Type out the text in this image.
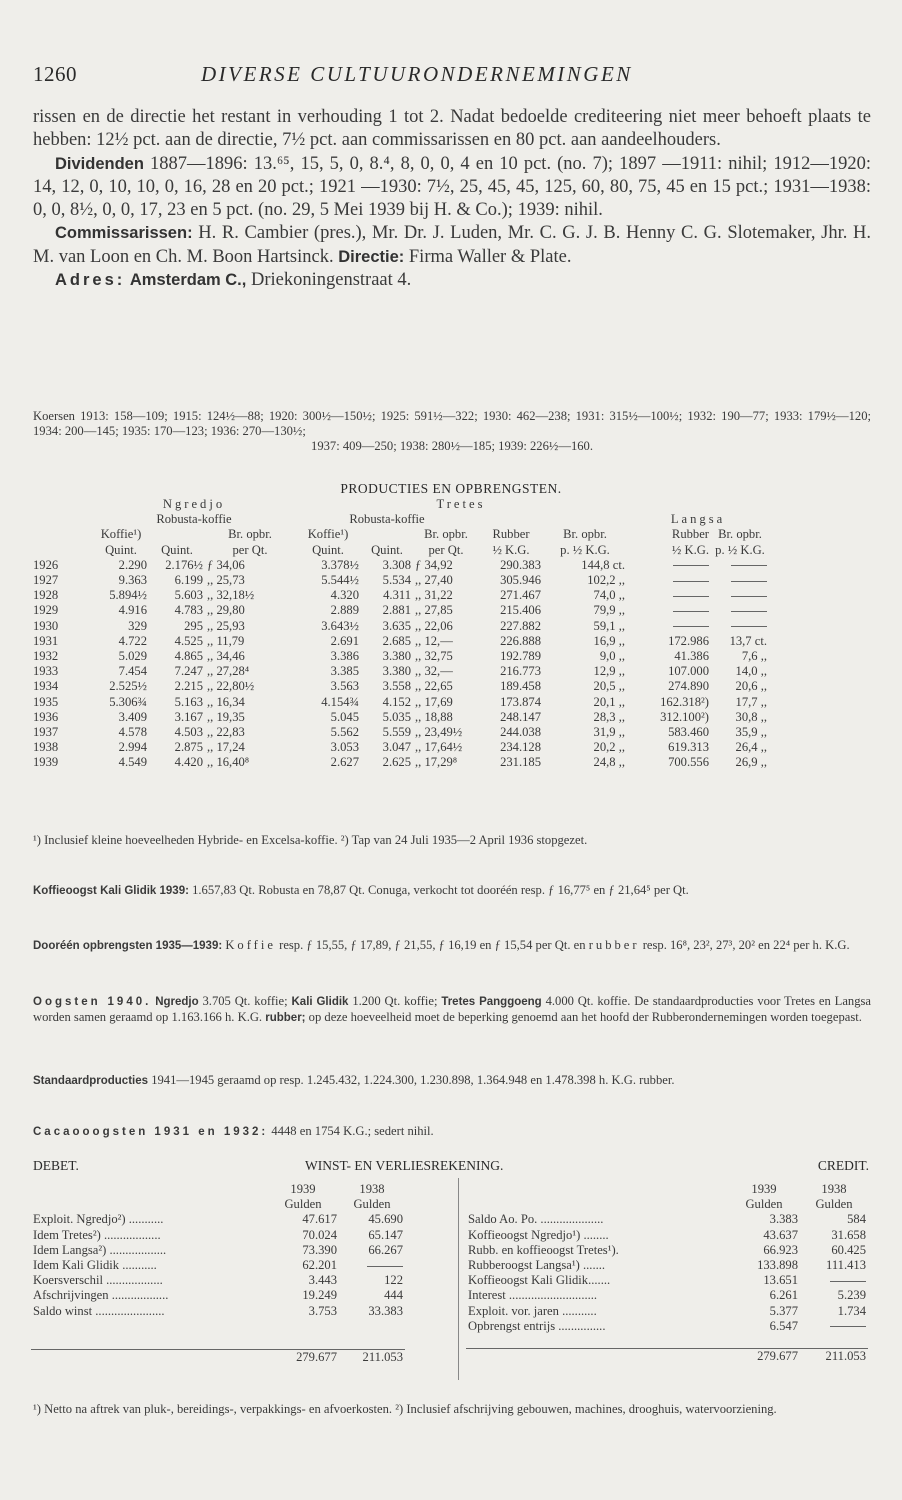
1260	DIVERSE CULTUURONDERNEMINGEN

rissen en de directie het restant in verhouding 1 tot 2. Nadat bedoelde crediteering niet meer behoeft plaats te hebben: 12½ pct. aan de directie, 7½ pct. aan commissarissen en 80 pct. aan aandeelhouders.

Dividenden 1887—1896: 13.⁶⁵, 15, 5, 0, 8.⁴, 8, 0, 0, 4 en 10 pct. (no. 7); 1897 —1911: nihil; 1912—1920: 14, 12, 0, 10, 10, 0, 16, 28 en 20 pct.; 1921 —1930: 7½, 25, 45, 45, 125, 60, 80, 75, 45 en 15 pct.; 1931—1938: 0, 0, 8½, 0, 0, 17, 23 en 5 pct. (no. 29, 5 Mei 1939 bij H. & Co.); 1939: nihil.

Commissarissen: H. R. Cambier (pres.), Mr. Dr. J. Luden, Mr. C. G. J. B. Henny C. G. Slotemaker, Jhr. H. M. van Loon en Ch. M. Boon Hartsinck. Directie: Firma Waller & Plate.

Adres: Amsterdam C., Driekoningenstraat 4.

Koersen 1913: 158—109; 1915: 124½—88; 1920: 300½—150½; 1925: 591½—322; 1930: 462—238; 1931: 315½—100½; 1932: 190—77; 1933: 179½—120; 1934: 200—145; 1935: 170—123; 1936: 270—130½;

1937: 409—250; 1938: 280½—185; 1939: 226½—160.

PRODUCTIES EN OPBRENGSTEN.
	Ngredjo			Tretes						
	Robusta-koffie			Robusta-koffie					Langsa	
	Koffie¹)		Br. opbr.	Koffie¹)		Br. opbr.	Rubber	Br. opbr.	Rubber	Br. opbr.
	Quint.	Quint.	per Qt.	Quint.	Quint.	per Qt.	½ K.G.	p. ½ K.G.	½ K.G.	p. ½ K.G.
1926	2.290	2.176½	ƒ 34,06	3.378½	3.308	ƒ 34,92	290.383	144,8 ct.		
1927	9.363	6.199	,, 25,73	5.544½	5.534	,, 27,40	305.946	102,2 ,,		
1928	5.894½	5.603	,, 32,18½	4.320	4.311	,, 31,22	271.467	74,0 ,,		
1929	4.916	4.783	,, 29,80	2.889	2.881	,, 27,85	215.406	79,9 ,,		
1930	329	295	,, 25,93	3.643½	3.635	,, 22,06	227.882	59,1 ,,		
1931	4.722	4.525	,, 11,79	2.691	2.685	,, 12,—	226.888	16,9 ,,	172.986	13,7 ct.
1932	5.029	4.865	,, 34,46	3.386	3.380	,, 32,75	192.789	9,0 ,,	41.386	7,6 ,,
1933	7.454	7.247	,, 27,28⁴	3.385	3.380	,, 32,—	216.773	12,9 ,,	107.000	14,0 ,,
1934	2.525½	2.215	,, 22,80½	3.563	3.558	,, 22,65	189.458	20,5 ,,	274.890	20,6 ,,
1935	5.306¾	5.163	,, 16,34	4.154¾	4.152	,, 17,69	173.874	20,1 ,,	162.318²)	17,7 ,,
1936	3.409	3.167	,, 19,35	5.045	5.035	,, 18,88	248.147	28,3 ,,	312.100²)	30,8 ,,
1937	4.578	4.503	,, 22,83	5.562	5.559	,, 23,49½	244.038	31,9 ,,	583.460	35,9 ,,
1938	2.994	2.875	,, 17,24	3.053	3.047	,, 17,64½	234.128	20,2 ,,	619.313	26,4 ,,
1939	4.549	4.420	,, 16,40⁸	2.627	2.625	,, 17,29⁸	231.185	24,8 ,,	700.556	26,9 ,,

¹) Inclusief kleine hoeveelheden Hybride- en Excelsa-koffie. ²) Tap van 24 Juli 1935—2 April 1936 stopgezet.

Koffieoogst Kali Glidik 1939: 1.657,83 Qt. Robusta en 78,87 Qt. Conuga, verkocht tot dooréén resp. ƒ 16,77⁵ en ƒ 21,64⁵ per Qt.

Dooréén opbrengsten 1935—1939: Koffie resp. ƒ 15,55, ƒ 17,89, ƒ 21,55, ƒ 16,19 en ƒ 15,54 per Qt. en rubber resp. 16⁸, 23², 27³, 20² en 22⁴ per h. K.G.

Oogsten 1940. Ngredjo 3.705 Qt. koffie; Kali Glidik 1.200 Qt. koffie; Tretes Panggoeng 4.000 Qt. koffie. De standaardproducties voor Tretes en Langsa worden samen geraamd op 1.163.166 h. K.G. rubber; op deze hoeveelheid moet de beperking genoemd aan het hoofd der Rubberondernemingen worden toegepast.

Standaardproducties 1941—1945 geraamd op resp. 1.245.432, 1.224.300, 1.230.898, 1.364.948 en 1.478.398 h. K.G. rubber.

Cacaooogsten 1931 en 1932: 4448 en 1754 K.G.; sedert nihil.

DEBET.	WINST- EN VERLIESREKENING.	CREDIT.
	1939	1938
	Gulden	Gulden
Exploit. Ngredjo²) ...........	47.617	45.690
Idem Tretes²) ..................	70.024	65.147
Idem Langsa²) ..................	73.390	66.267
Idem Kali Glidik ...........	62.201	
Koersverschil ..................	3.443	122
Afschrijvingen ..................	19.249	444
Saldo winst ......................	3.753	33.383

	279.677	211.053
	1939	1938
	Gulden	Gulden
Saldo Ao. Po. ....................	3.383	584
Koffieoogst Ngredjo¹) ........	43.637	31.658
Rubb. en koffieoogst Tretes¹).	66.923	60.425
Rubberoogst Langsa¹) .......	133.898	111.413
Koffieoogst Kali Glidik.......	13.651	
Interest ............................	6.261	5.239
Exploit. vor. jaren ...........	5.377	1.734
Opbrengst entrijs ...............	6.547	

	279.677	211.053

¹) Netto na aftrek van pluk-, bereidings-, verpakkings- en afvoerkosten. ²) Inclusief afschrijving gebouwen, machines, drooghuis, watervoorziening.
